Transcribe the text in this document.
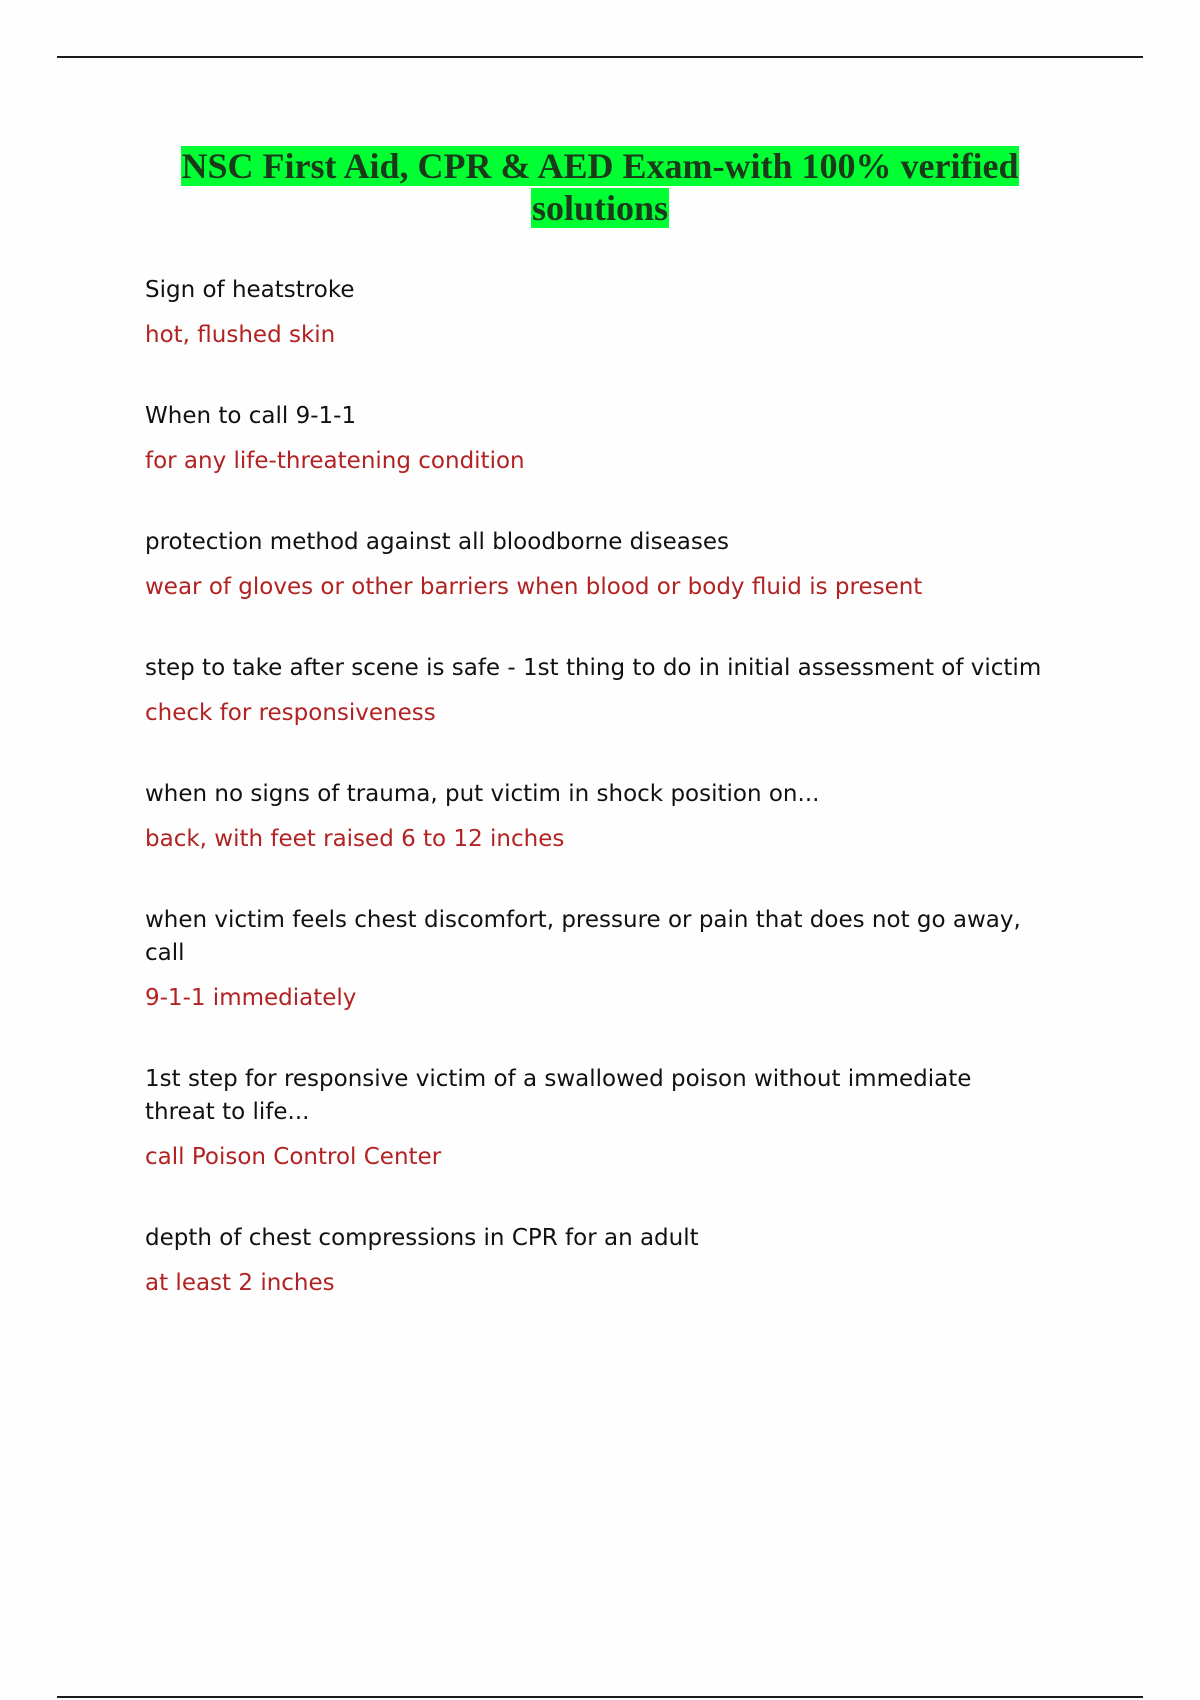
NSC First Aid, CPR & AED Exam-with 100% verified solutions

Sign of heatstroke

hot, flushed skin

When to call 9-1-1

for any life-threatening condition

protection method against all bloodborne diseases

wear of gloves or other barriers when blood or body fluid is present

step to take after scene is safe - 1st thing to do in initial assessment of victim

check for responsiveness

when no signs of trauma, put victim in shock position on...

back, with feet raised 6 to 12 inches

when victim feels chest discomfort, pressure or pain that does not go away, call

9-1-1 immediately

1st step for responsive victim of a swallowed poison without immediate threat to life...

call Poison Control Center

depth of chest compressions in CPR for an adult

at least 2 inches
